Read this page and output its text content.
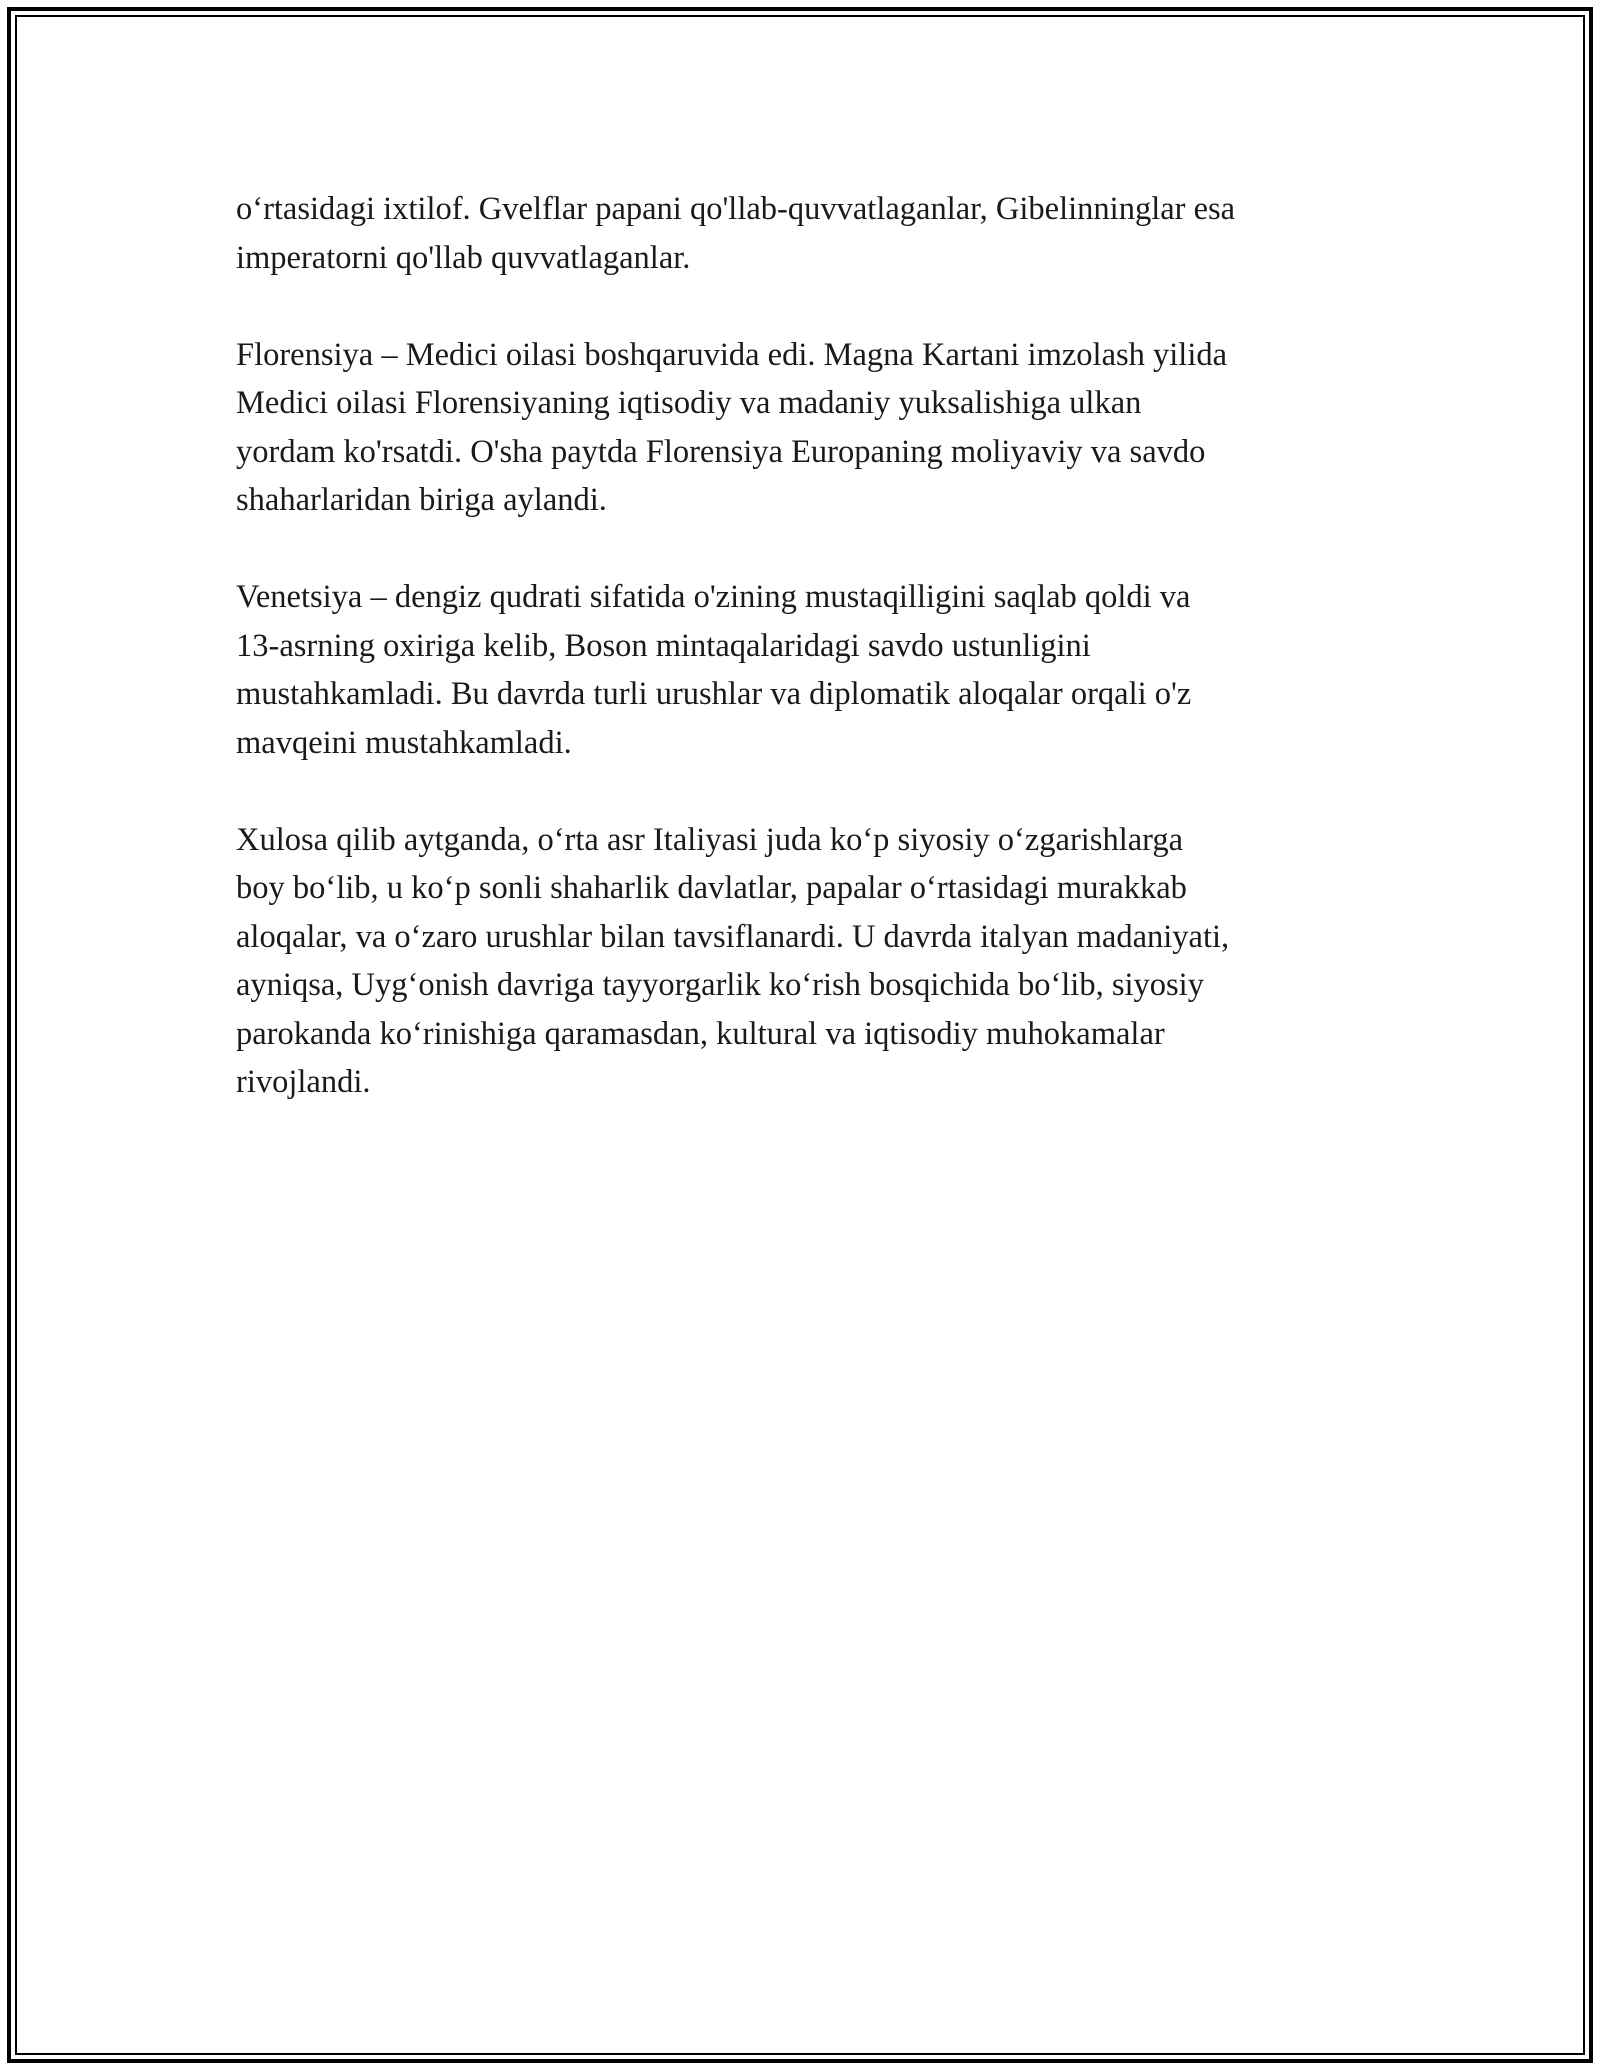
o‘rtasidagi ixtilof. Gvelflar papani qo'llab-quvvatlaganlar, Gibelinninglar esa
imperatorni qo'llab quvvatlaganlar.

Florensiya – Medici oilasi boshqaruvida edi. Magna Kartani imzolash yilida
Medici oilasi Florensiyaning iqtisodiy va madaniy yuksalishiga ulkan
yordam ko'rsatdi. O'sha paytda Florensiya Europaning moliyaviy va savdo
shaharlaridan biriga aylandi.

Venetsiya – dengiz qudrati sifatida o'zining mustaqilligini saqlab qoldi va
13-asrning oxiriga kelib, Boson mintaqalaridagi savdo ustunligini
mustahkamladi. Bu davrda turli urushlar va diplomatik aloqalar orqali o'z
mavqeini mustahkamladi.

Xulosa qilib aytganda, o‘rta asr Italiyasi juda ko‘p siyosiy o‘zgarishlarga
boy bo‘lib, u ko‘p sonli shaharlik davlatlar, papalar o‘rtasidagi murakkab
aloqalar, va o‘zaro urushlar bilan tavsiflanardi. U davrda italyan madaniyati,
ayniqsa, Uyg‘onish davriga tayyorgarlik ko‘rish bosqichida bo‘lib, siyosiy
parokanda ko‘rinishiga qaramasdan, kultural va iqtisodiy muhokamalar
rivojlandi.
